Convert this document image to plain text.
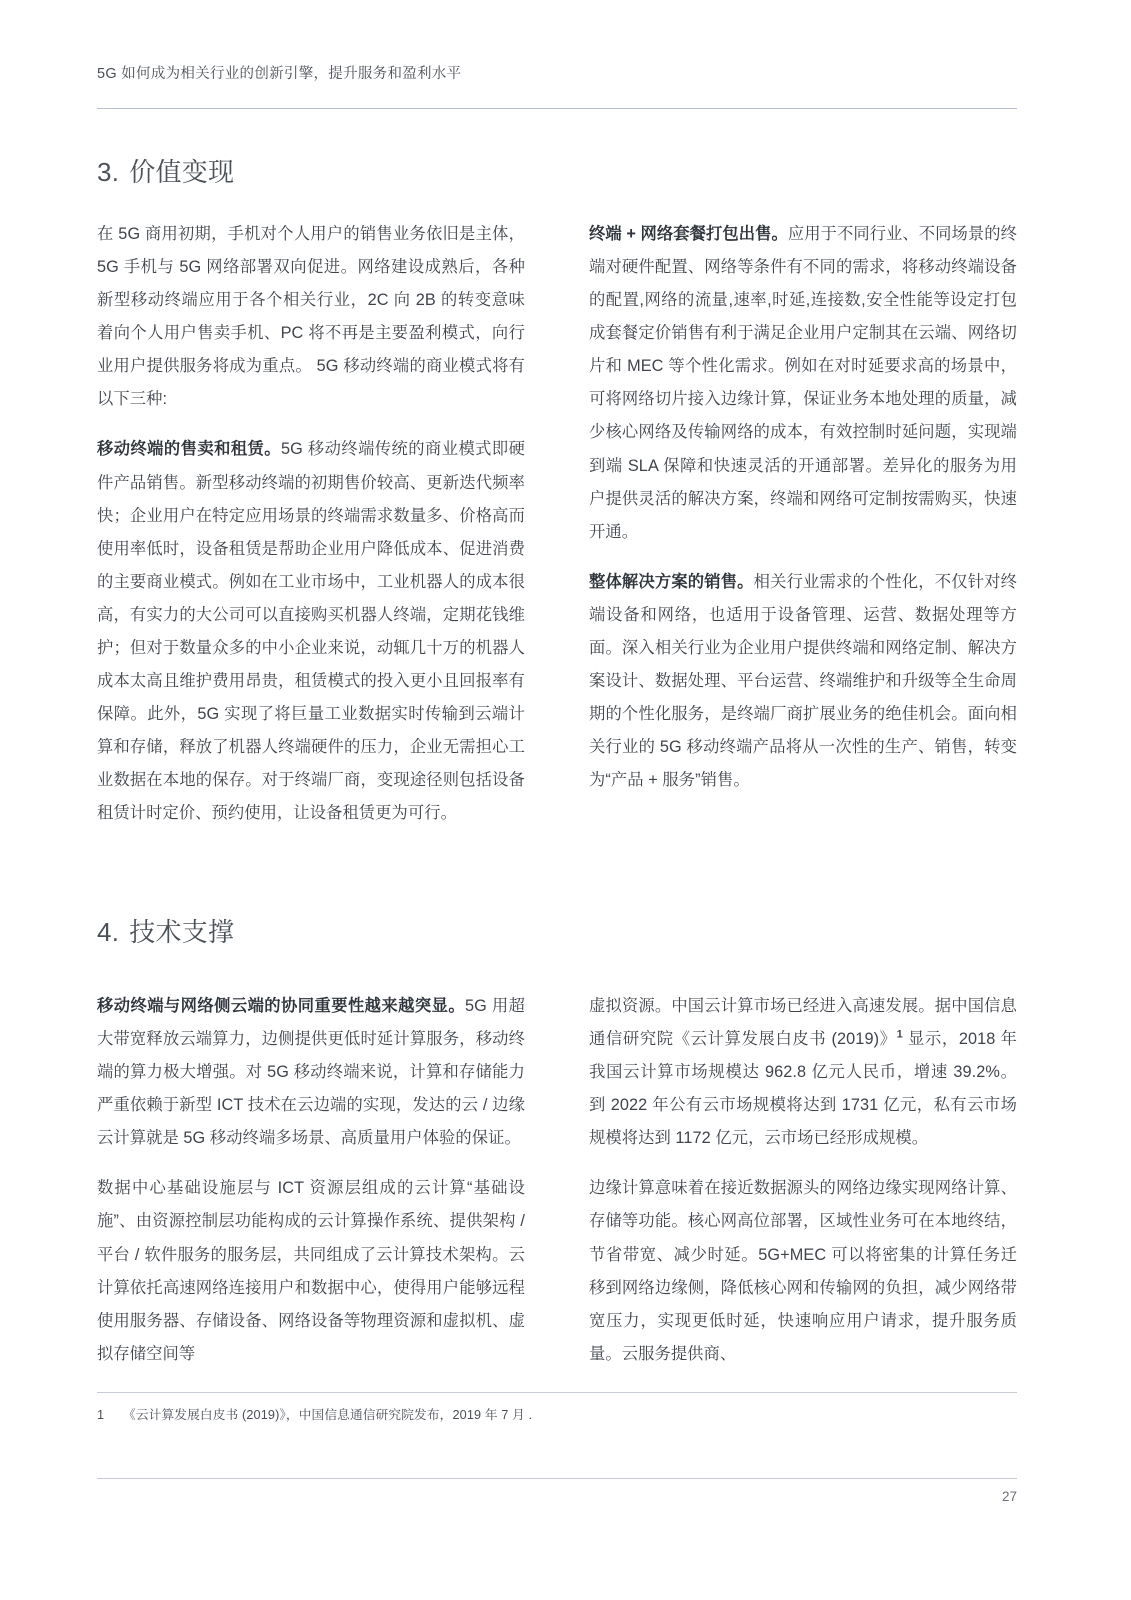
5G 如何成为相关行业的创新引擎，提升服务和盈利水平
3. 价值变现

在 5G 商用初期，手机对个人用户的销售业务依旧是主体，5G 手机与 5G 网络部署双向促进。网络建设成熟后，各种新型移动终端应用于各个相关行业，2C 向 2B 的转变意味着向个人用户售卖手机、PC 将不再是主要盈利模式，向行业用户提供服务将成为重点。 5G 移动终端的商业模式将有以下三种:

移动终端的售卖和租赁。5G 移动终端传统的商业模式即硬件产品销售。新型移动终端的初期售价较高、更新迭代频率快；企业用户在特定应用场景的终端需求数量多、价格高而使用率低时，设备租赁是帮助企业用户降低成本、促进消费的主要商业模式。例如在工业市场中，工业机器人的成本很高，有实力的大公司可以直接购买机器人终端，定期花钱维护；但对于数量众多的中小企业来说，动辄几十万的机器人成本太高且维护费用昂贵，租赁模式的投入更小且回报率有保障。此外，5G 实现了将巨量工业数据实时传输到云端计算和存储，释放了机器人终端硬件的压力，企业无需担心工业数据在本地的保存。对于终端厂商，变现途径则包括设备租赁计时定价、预约使用，让设备租赁更为可行。

终端 + 网络套餐打包出售。应用于不同行业、不同场景的终端对硬件配置、网络等条件有不同的需求，将移动终端设备的配置,网络的流量,速率,时延,连接数,安全性能等设定打包成套餐定价销售有利于满足企业用户定制其在云端、网络切片和 MEC 等个性化需求。例如在对时延要求高的场景中，可将网络切片接入边缘计算，保证业务本地处理的质量，减少核心网络及传输网络的成本，有效控制时延问题，实现端到端 SLA 保障和快速灵活的开通部署。差异化的服务为用户提供灵活的解决方案，终端和网络可定制按需购买，快速开通。

整体解决方案的销售。相关行业需求的个性化，不仅针对终端设备和网络，也适用于设备管理、运营、数据处理等方面。深入相关行业为企业用户提供终端和网络定制、解决方案设计、数据处理、平台运营、终端维护和升级等全生命周期的个性化服务，是终端厂商扩展业务的绝佳机会。面向相关行业的 5G 移动终端产品将从一次性的生产、销售，转变为“产品 + 服务”销售。

4. 技术支撑

移动终端与网络侧云端的协同重要性越来越突显。5G 用超大带宽释放云端算力，边侧提供更低时延计算服务，移动终端的算力极大增强。对 5G 移动终端来说，计算和存储能力严重依赖于新型 ICT 技术在云边端的实现，发达的云 / 边缘云计算就是 5G 移动终端多场景、高质量用户体验的保证。

数据中心基础设施层与 ICT 资源层组成的云计算“基础设施”、由资源控制层功能构成的云计算操作系统、提供架构 / 平台 / 软件服务的服务层，共同组成了云计算技术架构。云计算依托高速网络连接用户和数据中心，使得用户能够远程使用服务器、存储设备、网络设备等物理资源和虚拟机、虚拟存储空间等

虚拟资源。中国云计算市场已经进入高速发展。据中国信息通信研究院《云计算发展白皮书 (2019)》$^1$ 显示，2018 年我国云计算市场规模达 962.8 亿元人民币，增速 39.2%。到 2022 年公有云市场规模将达到 1731 亿元，私有云市场规模将达到 1172 亿元，云市场已经形成规模。

边缘计算意味着在接近数据源头的网络边缘实现网络计算、存储等功能。核心网高位部署，区域性业务可在本地终结，节省带宽、减少时延。5G+MEC 可以将密集的计算任务迁移到网络边缘侧，降低核心网和传输网的负担，减少网络带宽压力，实现更低时延，快速响应用户请求，提升服务质量。云服务提供商、

1 《云计算发展白皮书 (2019)》，中国信息通信研究院发布，2019 年 7 月 .
27
